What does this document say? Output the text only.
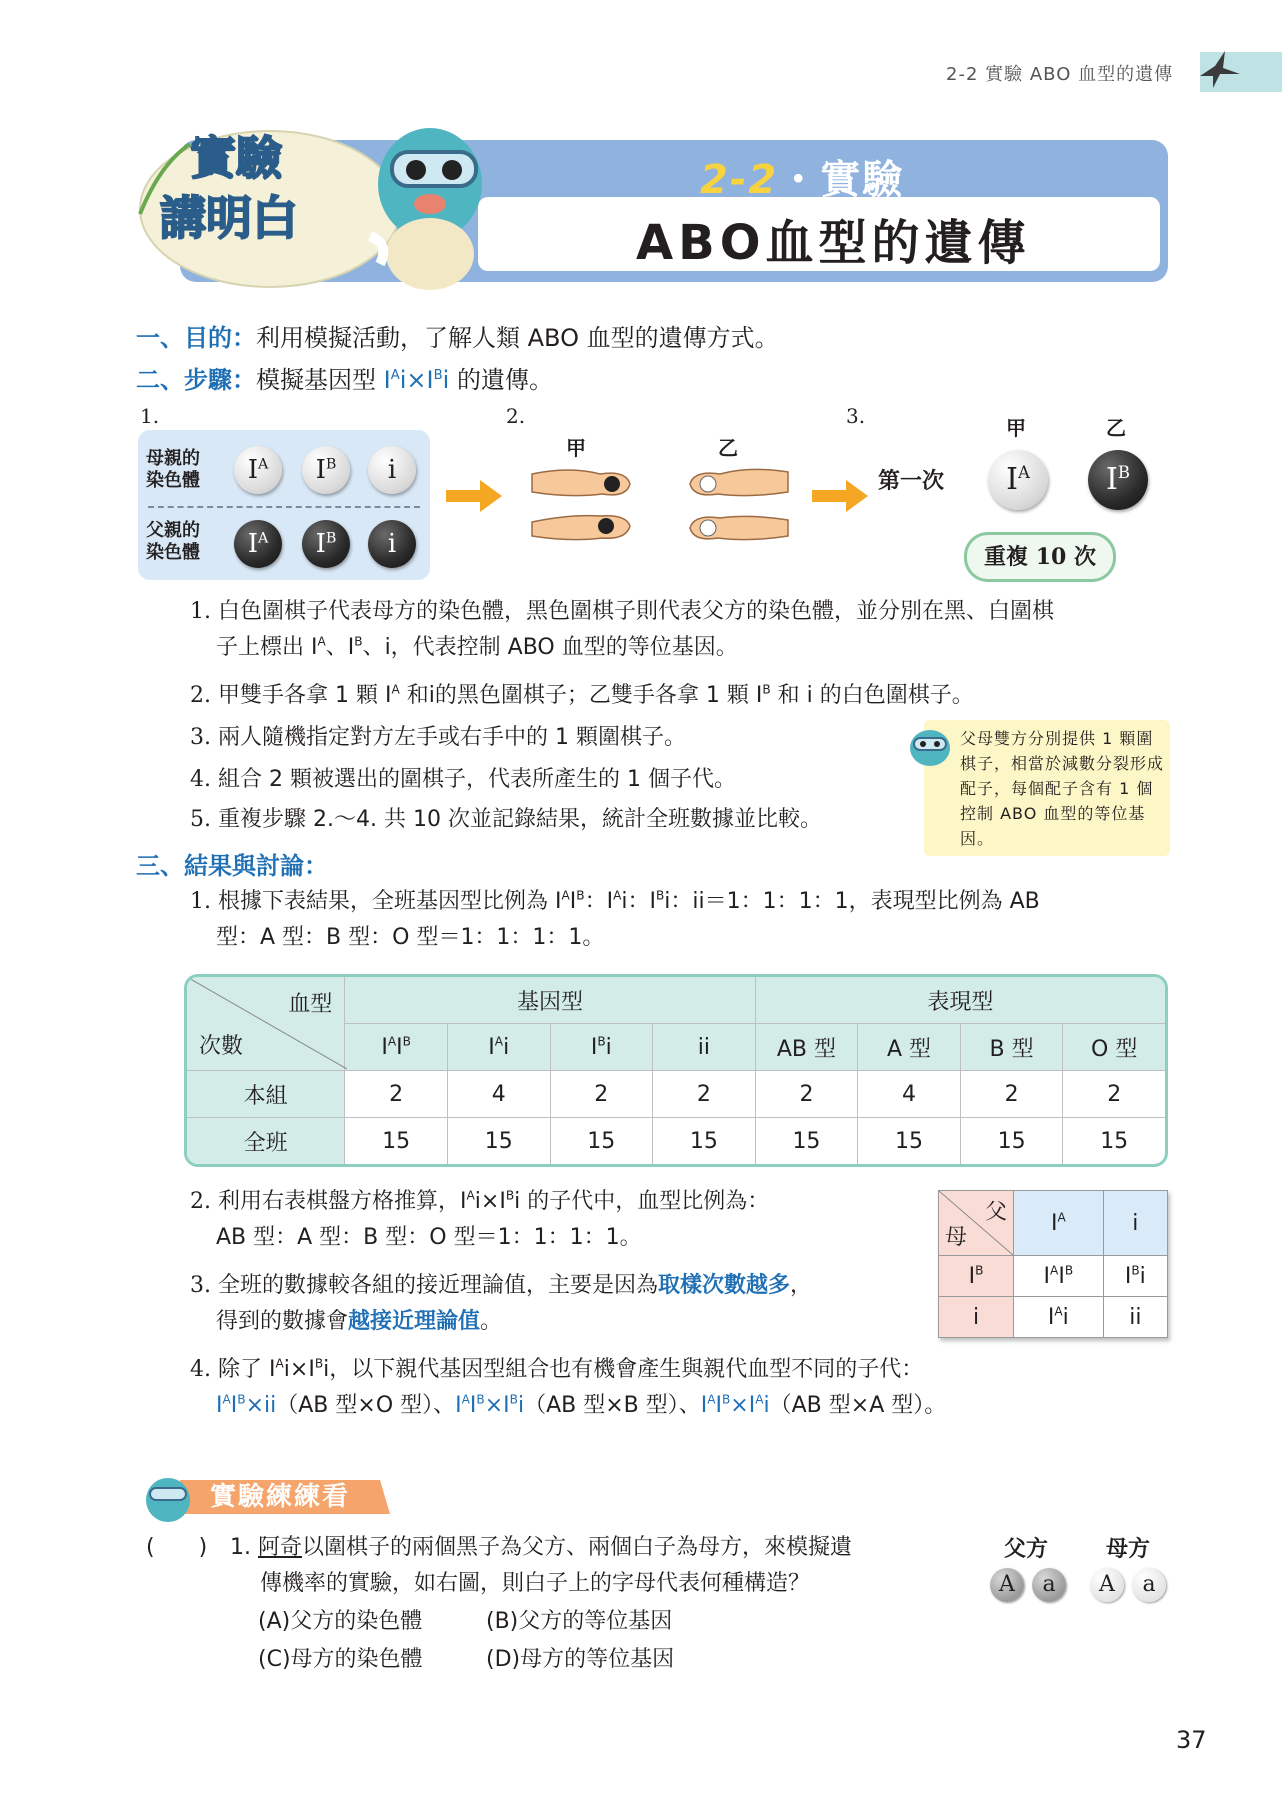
2-2 實驗 ABO 血型的遺傳
2-2・實驗
ABO血型的遺傳
實驗
講明白
一、目的：利用模擬活動，了解人類 ABO 血型的遺傳方式。
二、步驟：模擬基因型 $I^Ai\times I^Bi$ 的遺傳。
1.	2.	3.
母親的
染色體
父親的
染色體
$I^A$	$I^B$	i
$I^A$	$I^B$	i
甲	乙
第一次
甲	乙
$I^A$	$I^B$
重複 10 次
1. 白色圍棋子代表母方的染色體，黑色圍棋子則代表父方的染色體，並分別在黑、白圍棋
子上標出 $I^A$、$I^B$、i，代表控制 ABO 血型的等位基因。
2. 甲雙手各拿 1 顆 $I^A$ 和i的黑色圍棋子；乙雙手各拿 1 顆 $I^B$ 和 i 的白色圍棋子。
3. 兩人隨機指定對方左手或右手中的 1 顆圍棋子。
4. 組合 2 顆被選出的圍棋子，代表所產生的 1 個子代。
5. 重複步驟 2.～4. 共 10 次並記錄結果，統計全班數據並比較。
父母雙方分別提供 1 顆圍棋子，相當於減數分裂形成配子，每個配子含有 1 個控制 ABO 血型的等位基因。
三、結果與討論：
1. 根據下表結果，全班基因型比例為 $I^AI^B$：$I^Ai$：$I^Bi$：ii＝1：1：1：1，表現型比例為 AB
型：A 型：B 型：O 型＝1：1：1：1。
血型
次數	基因型				表現型			
	$I^AI^B$	$I^Ai$	$I^Bi$	ii	AB 型	A 型	B 型	O 型
本組	2	4	2	2	2	4	2	2
全班	15	15	15	15	15	15	15	15
2. 利用右表棋盤方格推算，$I^Ai\times I^Bi$ 的子代中，血型比例為：
AB 型：A 型：B 型：O 型＝1：1：1：1。
3. 全班的數據較各組的接近理論值，主要是因為取樣次數越多，
得到的數據會越接近理論值。
父
母	$I^A$	i
$I^B$	$I^AI^B$	$I^Bi$
i	$I^Ai$	ii
4. 除了 $I^Ai\times I^Bi$，以下親代基因型組合也有機會產生與親代血型不同的子代：
$I^AI^B\times ii(AB$ 型×O 型）、$I^AI^B\times I^Bi(AB$ 型×B 型）、$I^AI^B\times I^Ai(AB$ 型×A 型）。
實驗練練看
(　　) 1. 阿奇以圍棋子的兩個黑子為父方、兩個白子為母方，來模擬遺
傳機率的實驗，如右圖，則白子上的字母代表何種構造？
(A)父方的染色體	(B)父方的等位基因
(C)母方的染色體	(D)母方的等位基因
父方	母方
A	a	A	a
37
